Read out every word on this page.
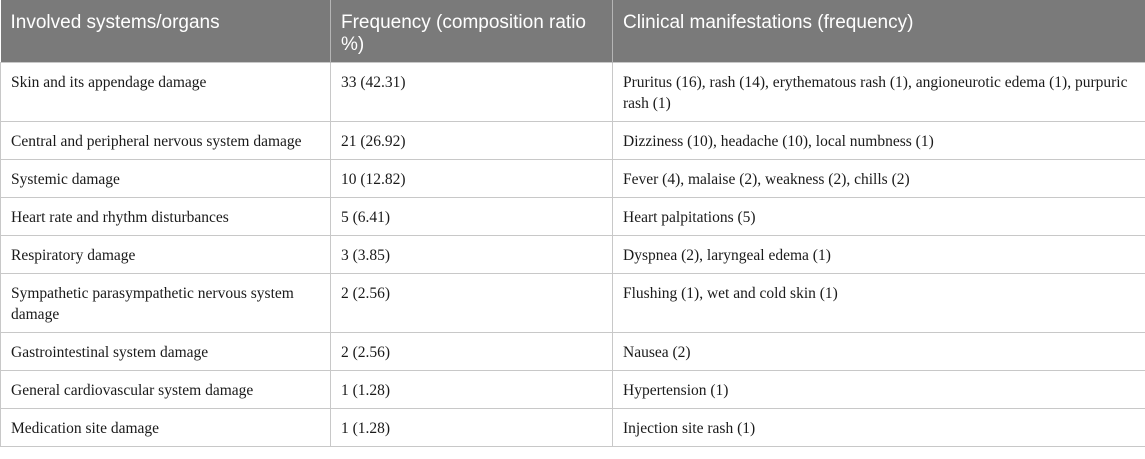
Involved systems/organs	Frequency (composition ratio %)	Clinical manifestations (frequency)
Skin and its appendage damage	33 (42.31)	Pruritus (16), rash (14), erythematous rash (1), angioneurotic edema (1), purpuric rash (1)
Central and peripheral nervous system damage	21 (26.92)	Dizziness (10), headache (10), local numbness (1)
Systemic damage	10 (12.82)	Fever (4), malaise (2), weakness (2), chills (2)
Heart rate and rhythm disturbances	5 (6.41)	Heart palpitations (5)
Respiratory damage	3 (3.85)	Dyspnea (2), laryngeal edema (1)
Sympathetic parasympathetic nervous system damage	2 (2.56)	Flushing (1), wet and cold skin (1)
Gastrointestinal system damage	2 (2.56)	Nausea (2)
General cardiovascular system damage	1 (1.28)	Hypertension (1)
Medication site damage	1 (1.28)	Injection site rash (1)
